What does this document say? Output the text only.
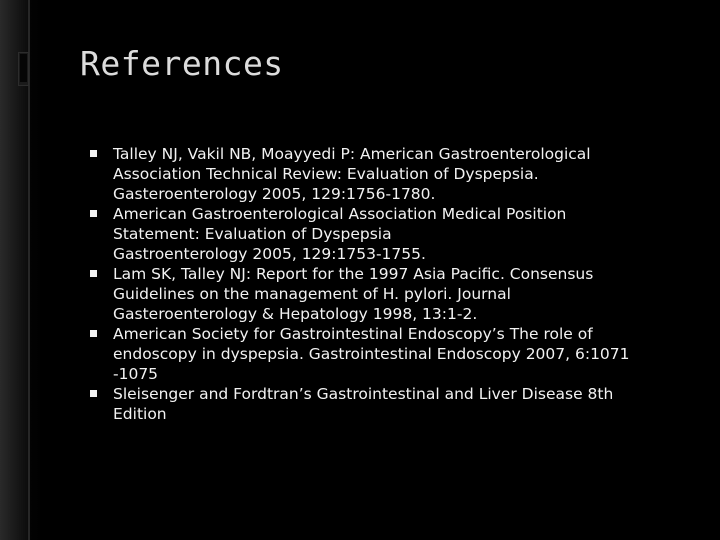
References
Talley NJ, Vakil NB, Moayyedi P: American Gastroenterological
Association Technical Review: Evaluation of Dyspepsia.
Gasteroenterology 2005, 129:1756-1780.
American Gastroenterological Association Medical Position
Statement: Evaluation of Dyspepsia
Gastroenterology 2005, 129:1753-1755.
Lam SK, Talley NJ: Report for the 1997 Asia Pacific. Consensus
Guidelines on the management of H. pylori. Journal
Gasteroenterology & Hepatology 1998, 13:1-2.
American Society for Gastrointestinal Endoscopy’s The role of
endoscopy in dyspepsia. Gastrointestinal Endoscopy 2007, 6:1071
-1075
Sleisenger and Fordtran’s Gastrointestinal and Liver Disease 8th
Edition
